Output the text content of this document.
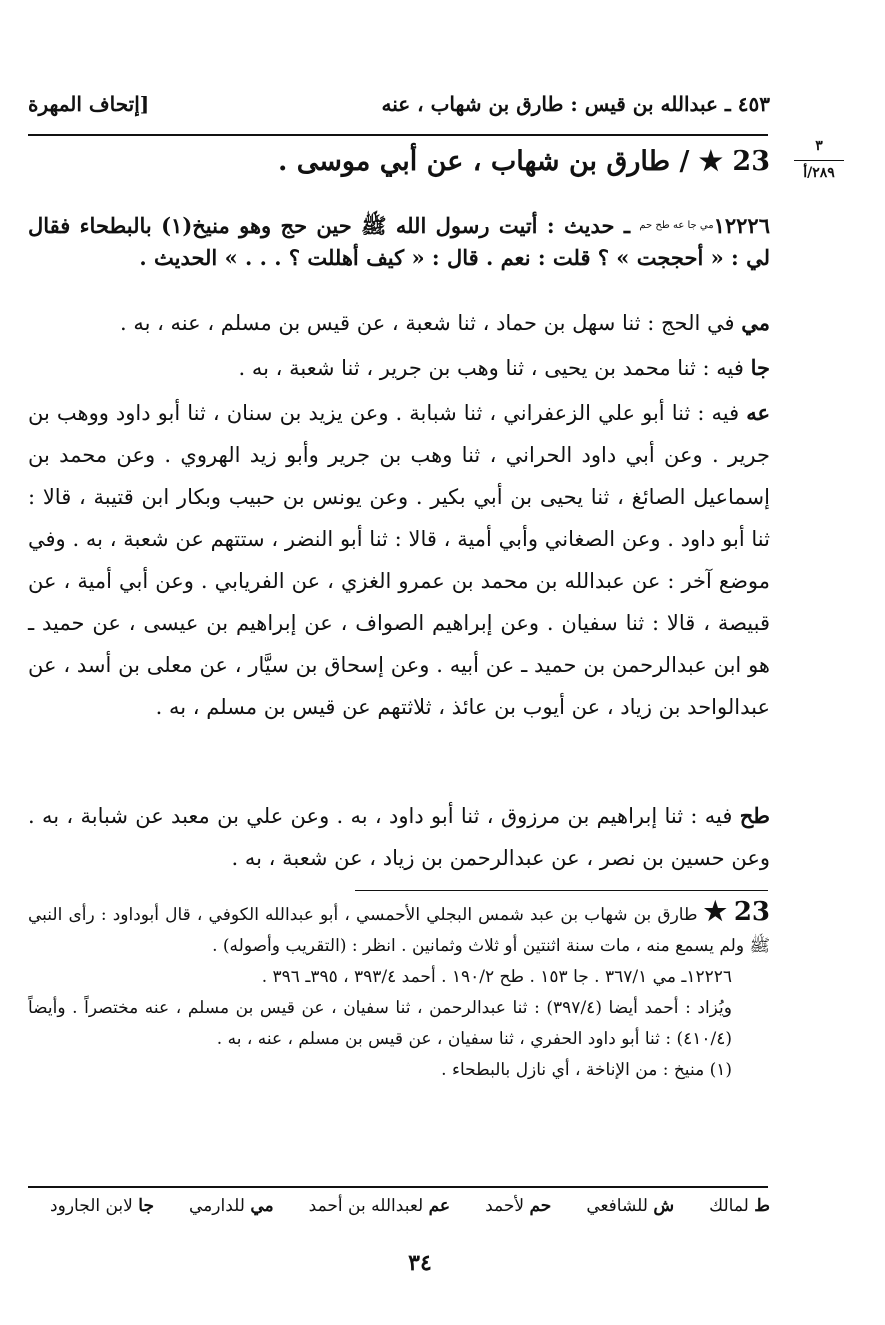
٤٥٣ ـ عبدالله بن قيس : طارق بن شهاب ، عنه
[إتحاف المهرة
٣
٢٨٩/أ
23 ★ / طارق بن شهاب ، عن أبي موسى .
١٢٢٢٦مي جا عه طح حم ـ حديث : أتيت رسول الله ﷺ حين حج وهو منيخ(١) بالبطحاء فقال لي : « أحججت » ؟ قلت : نعم . قال : « كيف أهللت ؟ . . . » الحديث .
مي في الحج : ثنا سهل بن حماد ، ثنا شعبة ، عن قيس بن مسلم ، عنه ، به .
جا فيه : ثنا محمد بن يحيى ، ثنا وهب بن جرير ، ثنا شعبة ، به .
عه فيه : ثنا أبو علي الزعفراني ، ثنا شبابة . وعن يزيد بن سنان ، ثنا أبو داود ووهب بن جرير . وعن أبي داود الحراني ، ثنا وهب بن جرير وأبو زيد الهروي . وعن محمد بن إسماعيل الصائغ ، ثنا يحيى بن أبي بكير . وعن يونس بن حبيب وبكار ابن قتيبة ، قالا : ثنا أبو داود . وعن الصغاني وأبي أمية ، قالا : ثنا أبو النضر ، ستتهم عن شعبة ، به . وفي موضع آخر : عن عبدالله بن محمد بن عمرو الغزي ، عن الفريابي . وعن أبي أمية ، عن قبيصة ، قالا : ثنا سفيان . وعن إبراهيم الصواف ، عن إبراهيم بن عيسى ، عن حميد ـ هو ابن عبدالرحمن بن حميد ـ عن أبيه . وعن إسحاق بن سيَّار ، عن معلى بن أسد ، عن عبدالواحد بن زياد ، عن أيوب بن عائذ ، ثلاثتهم عن قيس بن مسلم ، به .
طح فيه : ثنا إبراهيم بن مرزوق ، ثنا أبو داود ، به . وعن علي بن معبد عن شبابة ، به . وعن حسين بن نصر ، عن عبدالرحمن بن زياد ، عن شعبة ، به .

23 ★ طارق بن شهاب بن عبد شمس البجلي الأحمسي ، أبو عبدالله الكوفي ، قال أبوداود : رأى النبي ﷺ ولم يسمع منه ، مات سنة اثنتين أو ثلاث وثمانين . انظر : (التقريب وأصوله) .

١٢٢٢٦ـ مي ٣٦٧/١ . جا ١٥٣ . طح ١٩٠/٢ . أحمد ٣٩٣/٤ ، ٣٩٥ـ ٣٩٦ .

ويُزاد : أحمد أيضا (٣٩٧/٤) : ثنا عبدالرحمن ، ثنا سفيان ، عن قيس بن مسلم ، عنه مختصراً . وأيضاً (٤١٠/٤) : ثنا أبو داود الحفري ، ثنا سفيان ، عن قيس بن مسلم ، عنه ، به .

(١) منيخ : من الإناخة ، أي نازل بالبطحاء .

ط لمالك
ش للشافعي
حم لأحمد
عم لعبدالله بن أحمد
مي للدارمي
جا لابن الجارود
٣٤
